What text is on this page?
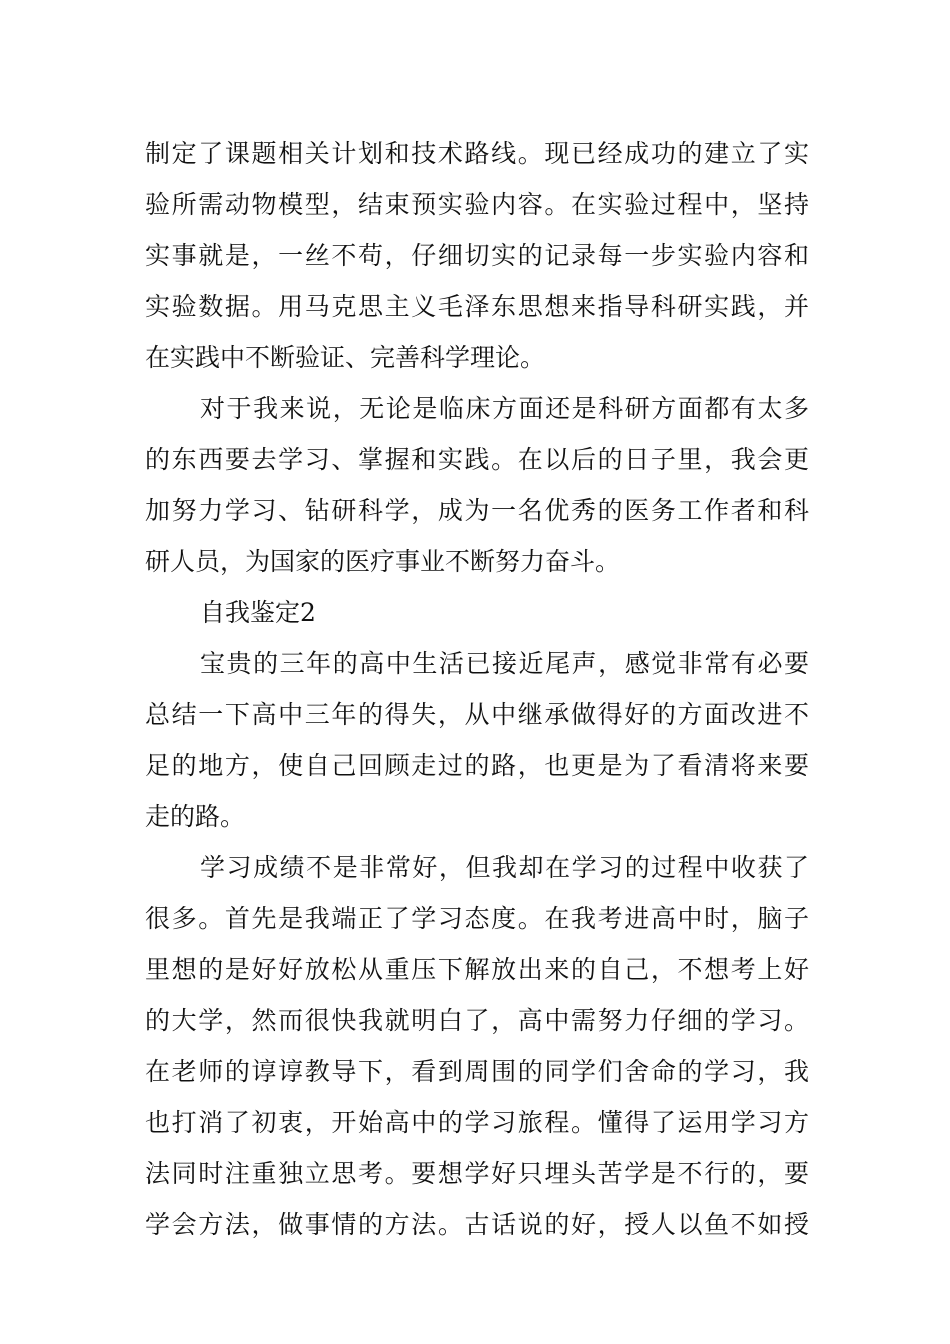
制定了课题相关计划和技术路线。现已经成功的建立了实
验所需动物模型，结束预实验内容。在实验过程中，坚持
实事就是，一丝不苟，仔细切实的记录每一步实验内容和
实验数据。用马克思主义毛泽东思想来指导科研实践，并
在实践中不断验证、完善科学理论。
对于我来说，无论是临床方面还是科研方面都有太多
的东西要去学习、掌握和实践。在以后的日子里，我会更
加努力学习、钻研科学，成为一名优秀的医务工作者和科
研人员，为国家的医疗事业不断努力奋斗。
自我鉴定2
宝贵的三年的高中生活已接近尾声，感觉非常有必要
总结一下高中三年的得失，从中继承做得好的方面改进不
足的地方，使自己回顾走过的路，也更是为了看清将来要
走的路。
学习成绩不是非常好，但我却在学习的过程中收获了
很多。首先是我端正了学习态度。在我考进高中时，脑子
里想的是好好放松从重压下解放出来的自己，不想考上好
的大学，然而很快我就明白了，高中需努力仔细的学习。
在老师的谆谆教导下，看到周围的同学们舍命的学习，我
也打消了初衷，开始高中的学习旅程。懂得了运用学习方
法同时注重独立思考。要想学好只埋头苦学是不行的，要
学会方法，做事情的方法。古话说的好，授人以鱼不如授
